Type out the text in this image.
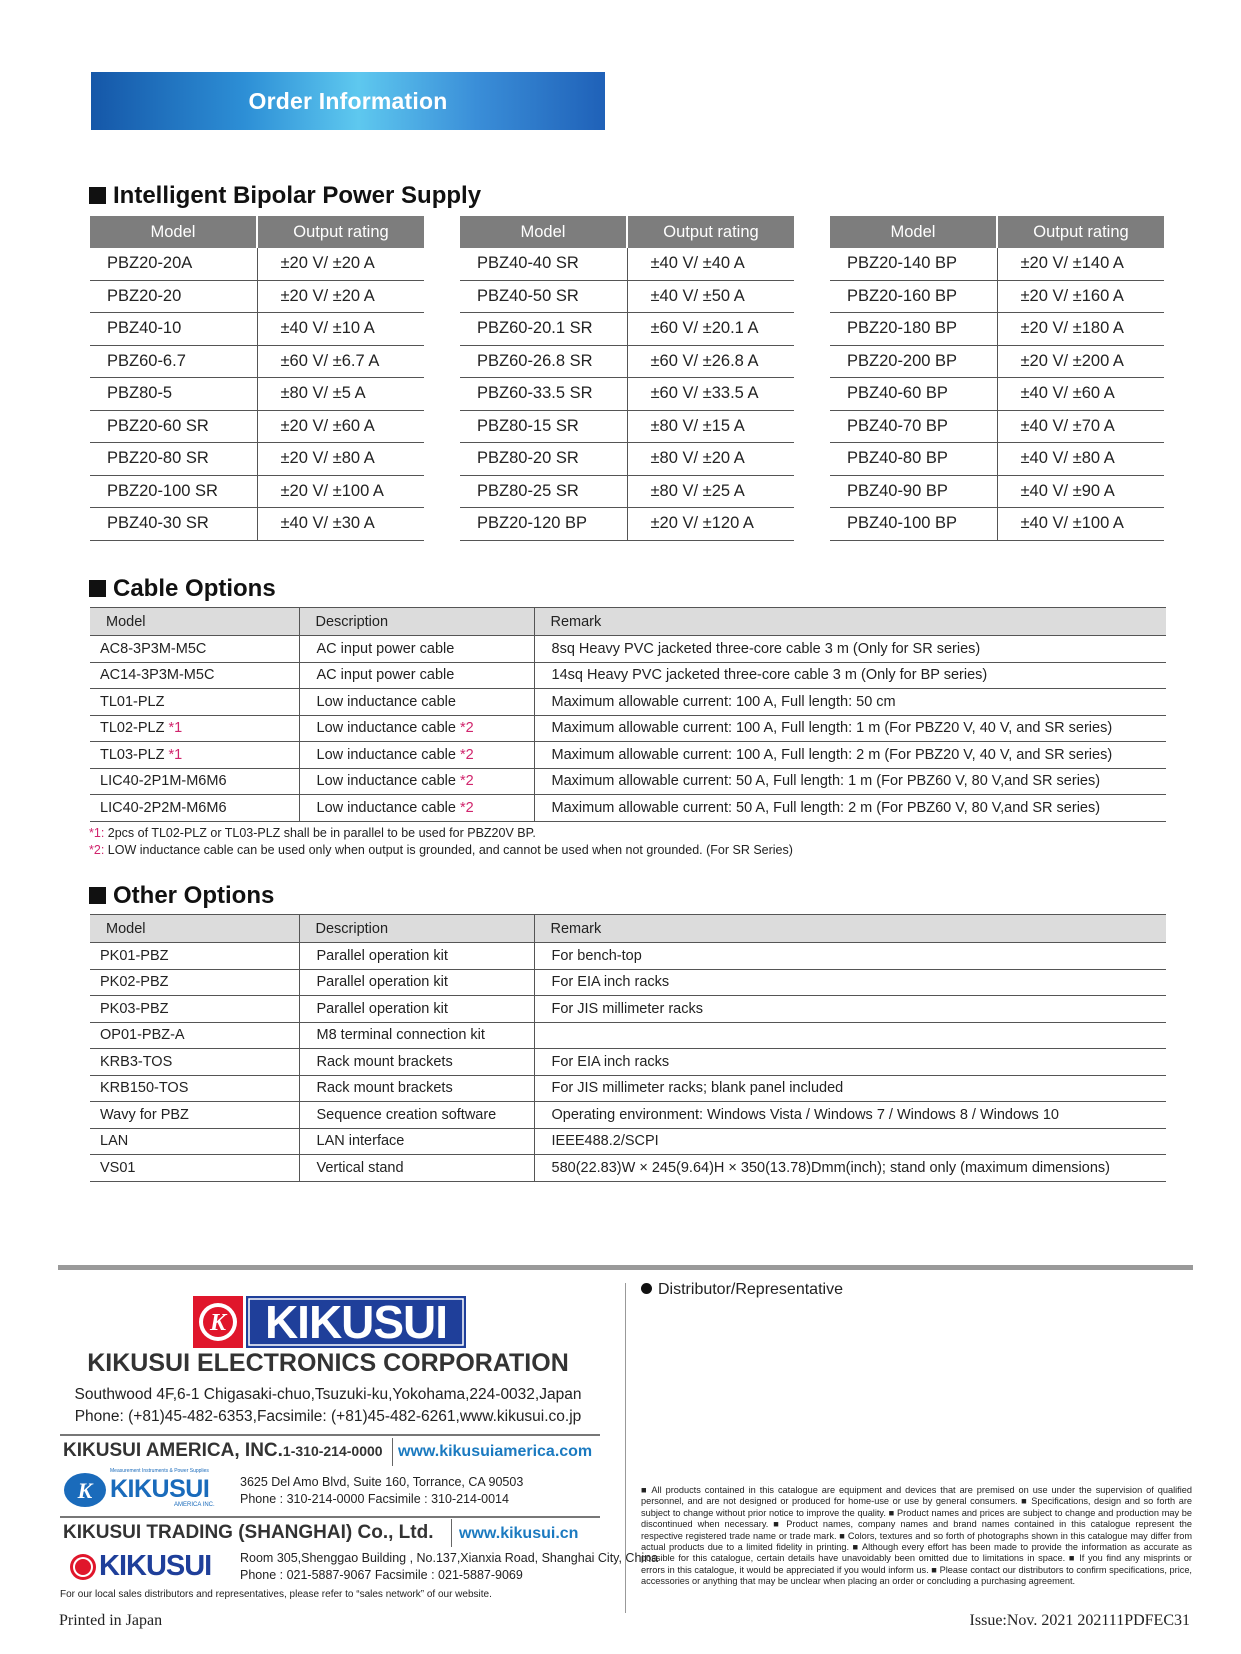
Order Information
Intelligent Bipolar Power Supply
Model	Output rating
PBZ20-20A	±20 V/ ±20 A
PBZ20-20	±20 V/ ±20 A
PBZ40-10	±40 V/ ±10 A
PBZ60-6.7	±60 V/ ±6.7 A
PBZ80-5	±80 V/ ±5 A
PBZ20-60 SR	±20 V/ ±60 A
PBZ20-80 SR	±20 V/ ±80 A
PBZ20-100 SR	±20 V/ ±100 A
PBZ40-30 SR	±40 V/ ±30 A
Model	Output rating
PBZ40-40 SR	±40 V/ ±40 A
PBZ40-50 SR	±40 V/ ±50 A
PBZ60-20.1 SR	±60 V/ ±20.1 A
PBZ60-26.8 SR	±60 V/ ±26.8 A
PBZ60-33.5 SR	±60 V/ ±33.5 A
PBZ80-15 SR	±80 V/ ±15 A
PBZ80-20 SR	±80 V/ ±20 A
PBZ80-25 SR	±80 V/ ±25 A
PBZ20-120 BP	±20 V/ ±120 A
Model	Output rating
PBZ20-140 BP	±20 V/ ±140 A
PBZ20-160 BP	±20 V/ ±160 A
PBZ20-180 BP	±20 V/ ±180 A
PBZ20-200 BP	±20 V/ ±200 A
PBZ40-60 BP	±40 V/ ±60 A
PBZ40-70 BP	±40 V/ ±70 A
PBZ40-80 BP	±40 V/ ±80 A
PBZ40-90 BP	±40 V/ ±90 A
PBZ40-100 BP	±40 V/ ±100 A
Cable Options
Model	Description	Remark
AC8-3P3M-M5C	AC input power cable	8sq Heavy PVC jacketed three-core cable 3 m (Only for SR series)
AC14-3P3M-M5C	AC input power cable	14sq Heavy PVC jacketed three-core cable 3 m (Only for BP series)
TL01-PLZ	Low inductance cable	Maximum allowable current: 100 A, Full length: 50 cm
TL02-PLZ *1	Low inductance cable *2	Maximum allowable current: 100 A, Full length: 1 m (For PBZ20 V, 40 V, and SR series)
TL03-PLZ *1	Low inductance cable *2	Maximum allowable current: 100 A, Full length: 2 m (For PBZ20 V, 40 V, and SR series)
LIC40-2P1M-M6M6	Low inductance cable *2	Maximum allowable current: 50 A, Full length: 1 m (For PBZ60 V, 80 V,and SR series)
LIC40-2P2M-M6M6	Low inductance cable *2	Maximum allowable current: 50 A, Full length: 2 m (For PBZ60 V, 80 V,and SR series)
*1: 2pcs of TL02-PLZ or TL03-PLZ shall be in parallel to be used for PBZ20V BP.
*2: LOW inductance cable can be used only when output is grounded, and cannot be used when not grounded. (For SR Series)
Other Options
Model	Description	Remark
PK01-PBZ	Parallel operation kit	For bench-top
PK02-PBZ	Parallel operation kit	For EIA inch racks
PK03-PBZ	Parallel operation kit	For JIS millimeter racks
OP01-PBZ-A	M8 terminal connection kit	
KRB3-TOS	Rack mount brackets	For EIA inch racks
KRB150-TOS	Rack mount brackets	For JIS millimeter racks; blank panel included
Wavy for PBZ	Sequence creation software	Operating environment: Windows Vista / Windows 7 / Windows 8 / Windows 10
LAN	LAN interface	IEEE488.2/SCPI
VS01	Vertical stand	580(22.83)W × 245(9.64)H × 350(13.78)Dmm(inch); stand only (maximum dimensions)
K KIKUSUI
KIKUSUI ELECTRONICS CORPORATION
Southwood 4F,6-1 Chigasaki-chuo,Tsuzuki-ku,Yokohama,224-0032,Japan
Phone: (+81)45-482-6353,Facsimile: (+81)45-482-6261,www.kikusui.co.jp
KIKUSUI AMERICA, INC.1-310-214-0000 www.kikusuiamerica.com
K KIKUSUI
Measurement Instruments & Power Supplies
AMERICA INC.
3625 Del Amo Blvd, Suite 160, Torrance, CA 90503
Phone : 310-214-0000 Facsimile : 310-214-0014
KIKUSUI TRADING (SHANGHAI) Co., Ltd. www.kikusui.cn
KIKUSUI Room 305,Shenggao Building , No.137,Xianxia Road, Shanghai City, China
Phone : 021-5887-9067 Facsimile : 021-5887-9069
For our local sales distributors and representatives, please refer to “sales network” of our website.
Distributor/Representative
■ All products contained in this catalogue are equipment and devices that are premised on use under the supervision of qualified personnel, and are not designed or produced for home-use or use by general consumers. ■ Specifications, design and so forth are subject to change without prior notice to improve the quality. ■ Product names and prices are subject to change and production may be discontinued when necessary. ■ Product names, company names and brand names contained in this catalogue represent the respective registered trade name or trade mark. ■ Colors, textures and so forth of photographs shown in this catalogue may differ from actual products due to a limited fidelity in printing. ■ Although every effort has been made to provide the information as accurate as possible for this catalogue, certain details have unavoidably been omitted due to limitations in space. ■ If you find any misprints or errors in this catalogue, it would be appreciated if you would inform us. ■ Please contact our distributors to confirm specifications, price, accessories or anything that may be unclear when placing an order or concluding a purchasing agreement.
Printed in Japan	Issue:Nov. 2021 202111PDFEC31
